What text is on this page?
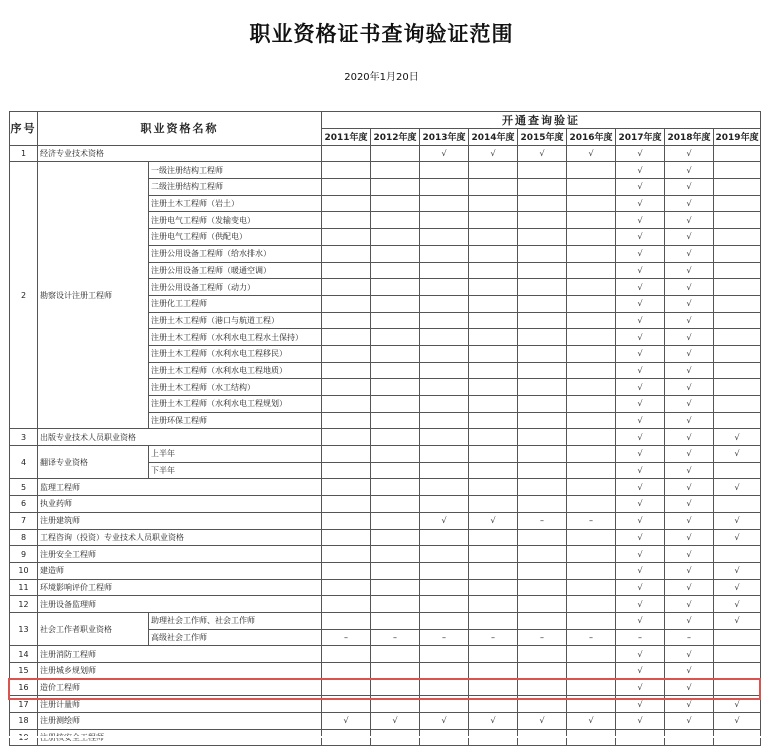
职业资格证书查询验证范围
2020年1月20日
序号	职业资格名称		开通查询验证								
			2011年度	2012年度	2013年度	2014年度	2015年度	2016年度	2017年度	2018年度	2019年度
1	经济专业技术资格				√	√	√	√	√	√	
2	勘察设计注册工程师	一级注册结构工程师							√	√	
		二级注册结构工程师							√	√	
		注册土木工程师（岩土）							√	√	
		注册电气工程师（发输变电）							√	√	
		注册电气工程师（供配电）							√	√	
		注册公用设备工程师（给水排水）							√	√	
		注册公用设备工程师（暖通空调）							√	√	
		注册公用设备工程师（动力）							√	√	
		注册化工工程师							√	√	
		注册土木工程师（港口与航道工程）							√	√	
		注册土木工程师（水利水电工程水土保持）							√	√	
		注册土木工程师（水利水电工程移民）							√	√	
		注册土木工程师（水利水电工程地质）							√	√	
		注册土木工程师（水工结构）							√	√	
		注册土木工程师（水利水电工程规划）							√	√	
		注册环保工程师							√	√	
3	出版专业技术人员职业资格								√	√	√
4	翻译专业资格	上半年							√	√	√
		下半年							√	√	
5	监理工程师								√	√	√
6	执业药师								√	√	
7	注册建筑师				√	√	–	–	√	√	√
8	工程咨询（投资）专业技术人员职业资格								√	√	√
9	注册安全工程师								√	√	
10	建造师								√	√	√
11	环境影响评价工程师								√	√	√
12	注册设备监理师								√	√	√
13	社会工作者职业资格	助理社会工作师、社会工作师							√	√	√
		高级社会工作师	–	–	–	–	–	–	–	–	
14	注册消防工程师								√	√	
15	注册城乡规划师								√	√	
16	造价工程师								√	√	
17	注册计量师								√	√	√
18	注册测绘师		√	√	√	√	√	√	√	√	√
